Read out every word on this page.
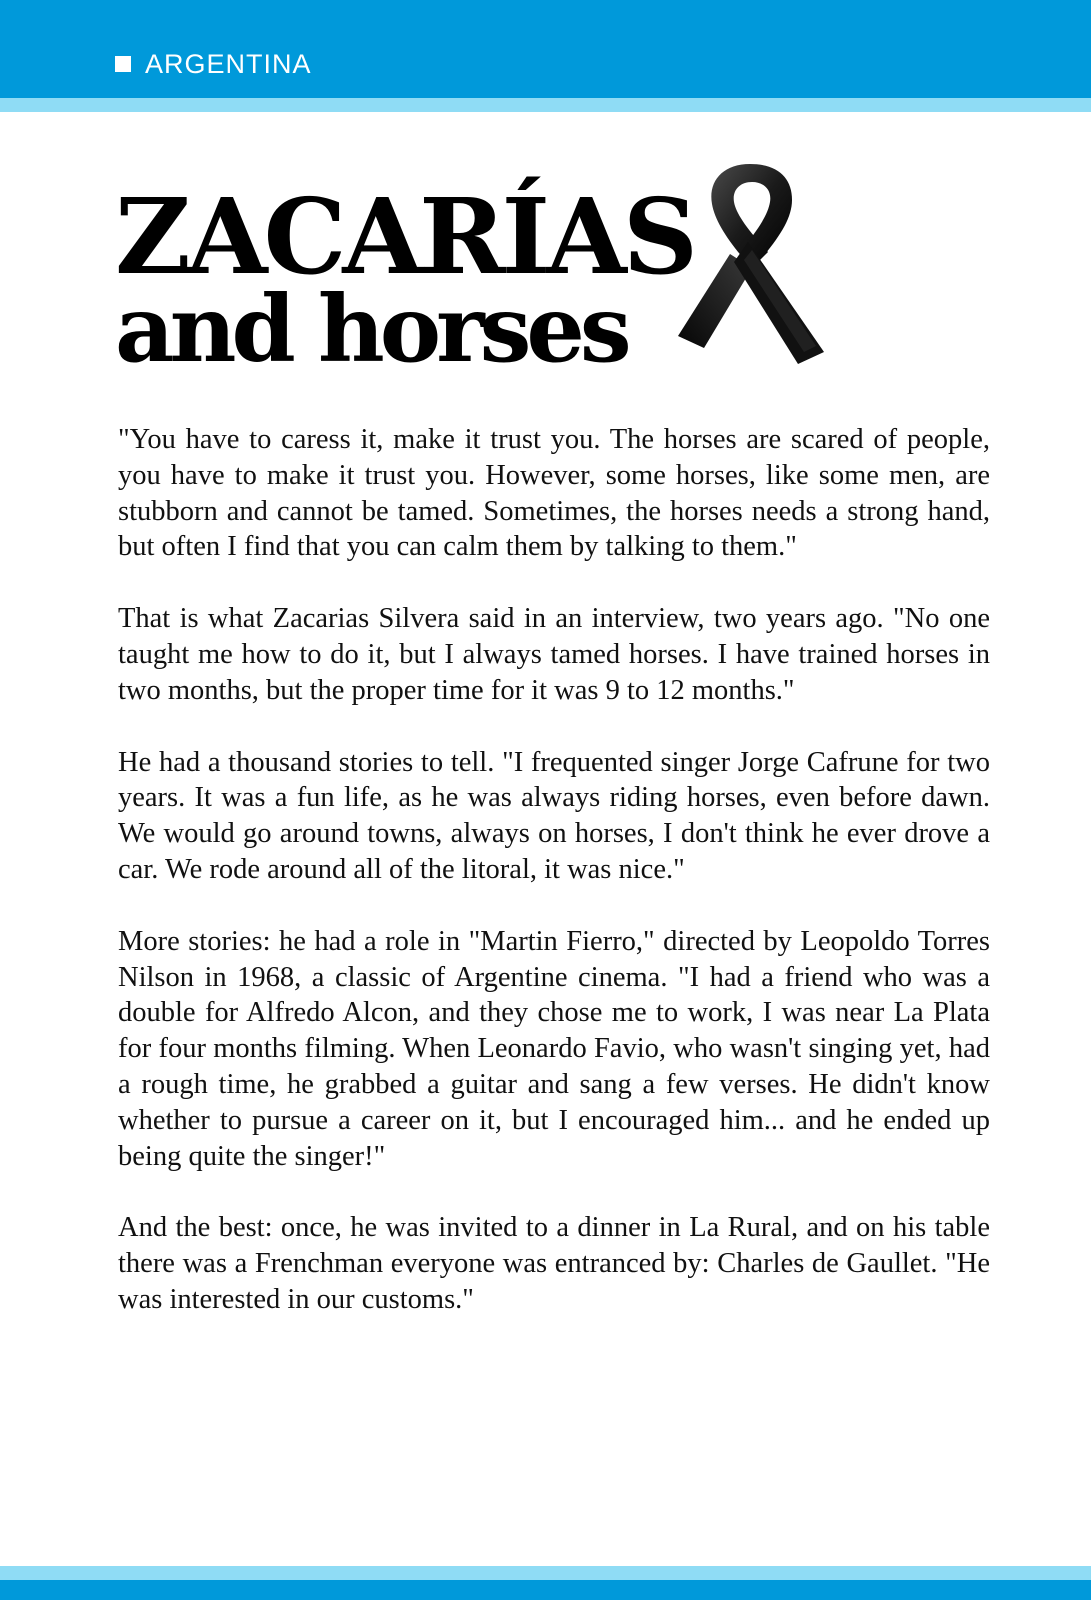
ARGENTINA
ZACARÍAS
and horses

"You have to caress it, make it trust you. The horses are scared of people, you have to make it trust you. However, some horses, like some men, are stubborn and cannot be tamed. Sometimes, the horses needs a strong hand, but often I find that you can calm them by talking to them."

That is what Zacarias Silvera said in an interview, two years ago. "No one taught me how to do it, but I always tamed horses. I have trained horses in two months, but the proper time for it was 9 to 12 months."

He had a thousand stories to tell. "I frequented singer Jorge Cafrune for two years. It was a fun life, as he was always riding horses, even before dawn. We would go around towns, always on horses, I don't think he ever drove a car. We rode around all of the litoral, it was nice."

More stories: he had a role in "Martin Fierro," directed by Leopoldo Torres Nilson in 1968, a classic of Argentine cinema. "I had a friend who was a double for Alfredo Alcon, and they chose me to work, I was near La Plata for four months filming. When Leonardo Favio, who wasn't singing yet, had a rough time, he grabbed a guitar and sang a few verses. He didn't know whether to pursue a career on it, but I encouraged him... and he ended up being quite the singer!"

And the best: once, he was invited to a dinner in La Rural, and on his table there was a Frenchman everyone was entranced by: Charles de Gaullet. "He was interested in our customs."
